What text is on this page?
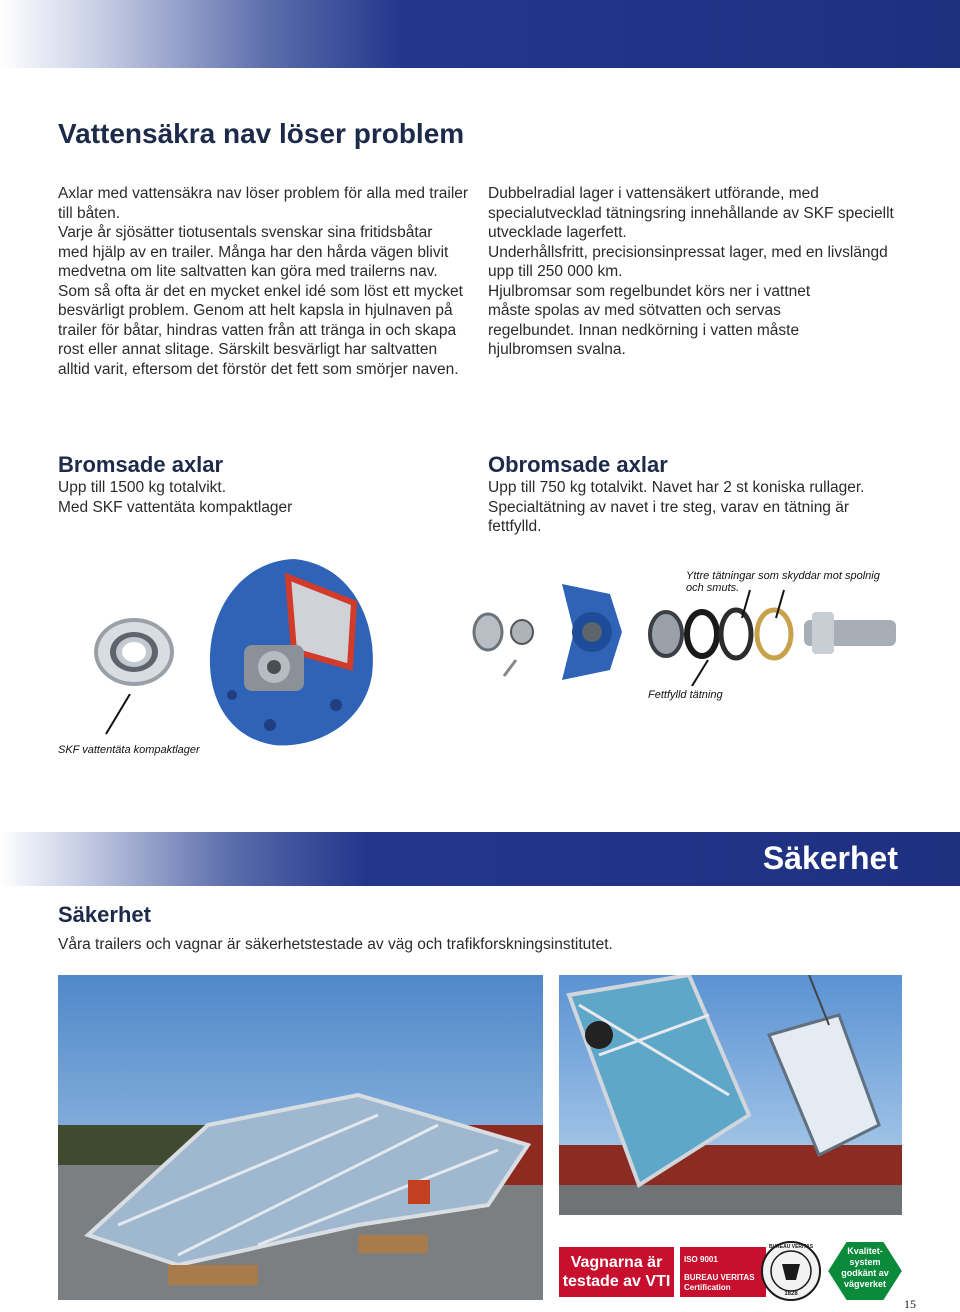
Vattensäkra nav löser problem

Axlar med vattensäkra nav löser problem för alla med trailer

till båten.

Varje år sjösätter tiotusentals svenskar sina fritidsbåtar

med hjälp av en trailer. Många har den hårda vägen blivit

medvetna om lite saltvatten kan göra med trailerns nav.

Som så ofta är det en mycket enkel idé som löst ett mycket

besvärligt problem. Genom att helt kapsla in hjulnaven på

trailer för båtar, hindras vatten från att tränga in och skapa

rost eller annat slitage. Särskilt besvärligt har saltvatten

alltid varit, eftersom det förstör det fett som smörjer naven.

Dubbelradial lager i vattensäkert utförande, med

specialutvecklad tätningsring innehållande av SKF speciellt

utvecklade lagerfett.

Underhållsfritt, precisionsinpressat lager, med en livslängd

upp till 250 000 km.

Hjulbromsar som regelbundet körs ner i vattnet

måste spolas av med sötvatten och servas

regelbundet. Innan nedkörning i vatten måste

hjulbromsen svalna.

Bromsade axlar

Upp till 1500 kg totalvikt.

Med SKF vattentäta kompaktlager

Obromsade axlar

Upp till 750 kg totalvikt. Navet har 2 st koniska rullager.

Specialtätning av navet i tre steg, varav en tätning är

fettfylld.

SKF vattentäta kompaktlager
Yttre tätningar som skyddar mot spolnig
och smuts.
Fettfylld tätning
Säkerhet
Säkerhet
Våra trailers och vagnar är säkerhetstestade av väg och trafikforskningsinstitutet.
Vagnarna är
testade av VTI
ISO 9001
BUREAU VERITAS
Certification
BUREAU VERITAS
1828
Kvalitet-
system
godkänt av
vägverket
15
